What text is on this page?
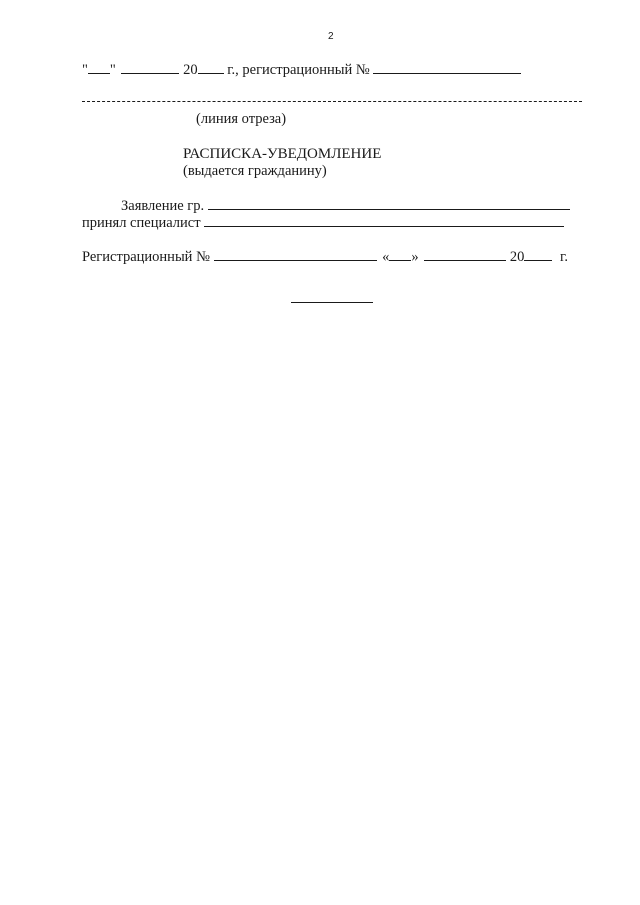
2
" "	20 г., регистрационный №
(линия отреза)
РАСПИСКА-УВЕДОМЛЕНИЕ
(выдается гражданину)
Заявление гр.
принял специалист
Регистрационный №	« »	20 г.
